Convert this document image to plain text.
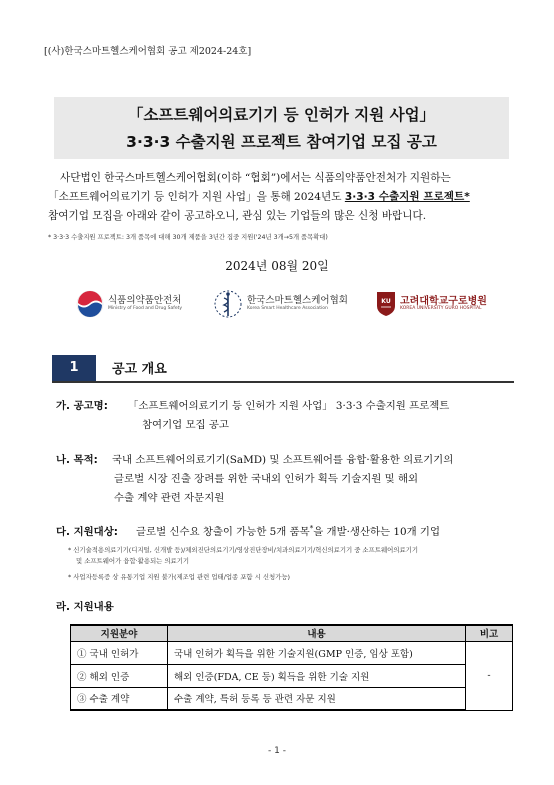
[(사)한국스마트헬스케어협회 공고 제2024-24호]
「소프트웨어의료기기 등 인허가 지원 사업」
3·3·3 수출지원 프로젝트 참여기업 모집 공고
사단법인 한국스마트헬스케어협회(이하 “협회”)에서는 식품의약품안전처가 지원하는
「소프트웨어의료기기 등 인허가 지원 사업」을 통해 2024년도 3·3·3 수출지원 프로젝트*
참여기업 모집을 아래와 같이 공고하오니, 관심 있는 기업들의 많은 신청 바랍니다.
* 3·3·3 수출지원 프로젝트: 3개 품목에 대해 30개 제품을 3년간 집중 지원('24년 3개→5개 품목확대)
2024년 08월 20일
식품의약품안전처
Ministry of Food and Drug Safety
한국스마트헬스케어협회
Korea Smart Healthcare Association
KU 고려대학교구로병원
KOREA UNIVERSITY GURO HOSPITAL
1	공고 개요
가. 공고명: 「소프트웨어의료기기 등 인허가 지원 사업」 3·3·3 수출지원 프로젝트
참여기업 모집 공고
나. 목적: 국내 소프트웨어의료기기(SaMD) 및 소프트웨어를 융합·활용한 의료기기의
글로벌 시장 진출 장려를 위한 국내외 인허가 획득 기술지원 및 해외
수출 계약 관련 자문지원
다. 지원대상: 글로벌 신수요 창출이 가능한 5개 품목*을 개발·생산하는 10개 기업
* 신기술적용의료기기(디지털, 신개발 등)/체외진단의료기기/영상진단장비/치과의료기기/혁신의료기기 중 소프트웨어의료기기
및 소프트웨어가 융합·활용되는 의료기기
* 사업자등록증 상 유통기업 지원 불가(제조업 관련 업태/업종 포함 시 신청가능)
라. 지원내용
지원분야	내용	비고
① 국내 인허가	국내 인허가 획득을 위한 기술지원(GMP 인증, 임상 포함)	-
② 해외 인증	해외 인증(FDA, CE 등) 획득을 위한 기술 지원	
③ 수출 계약	수출 계약, 특허 등록 등 관련 자문 지원	
- 1 -
